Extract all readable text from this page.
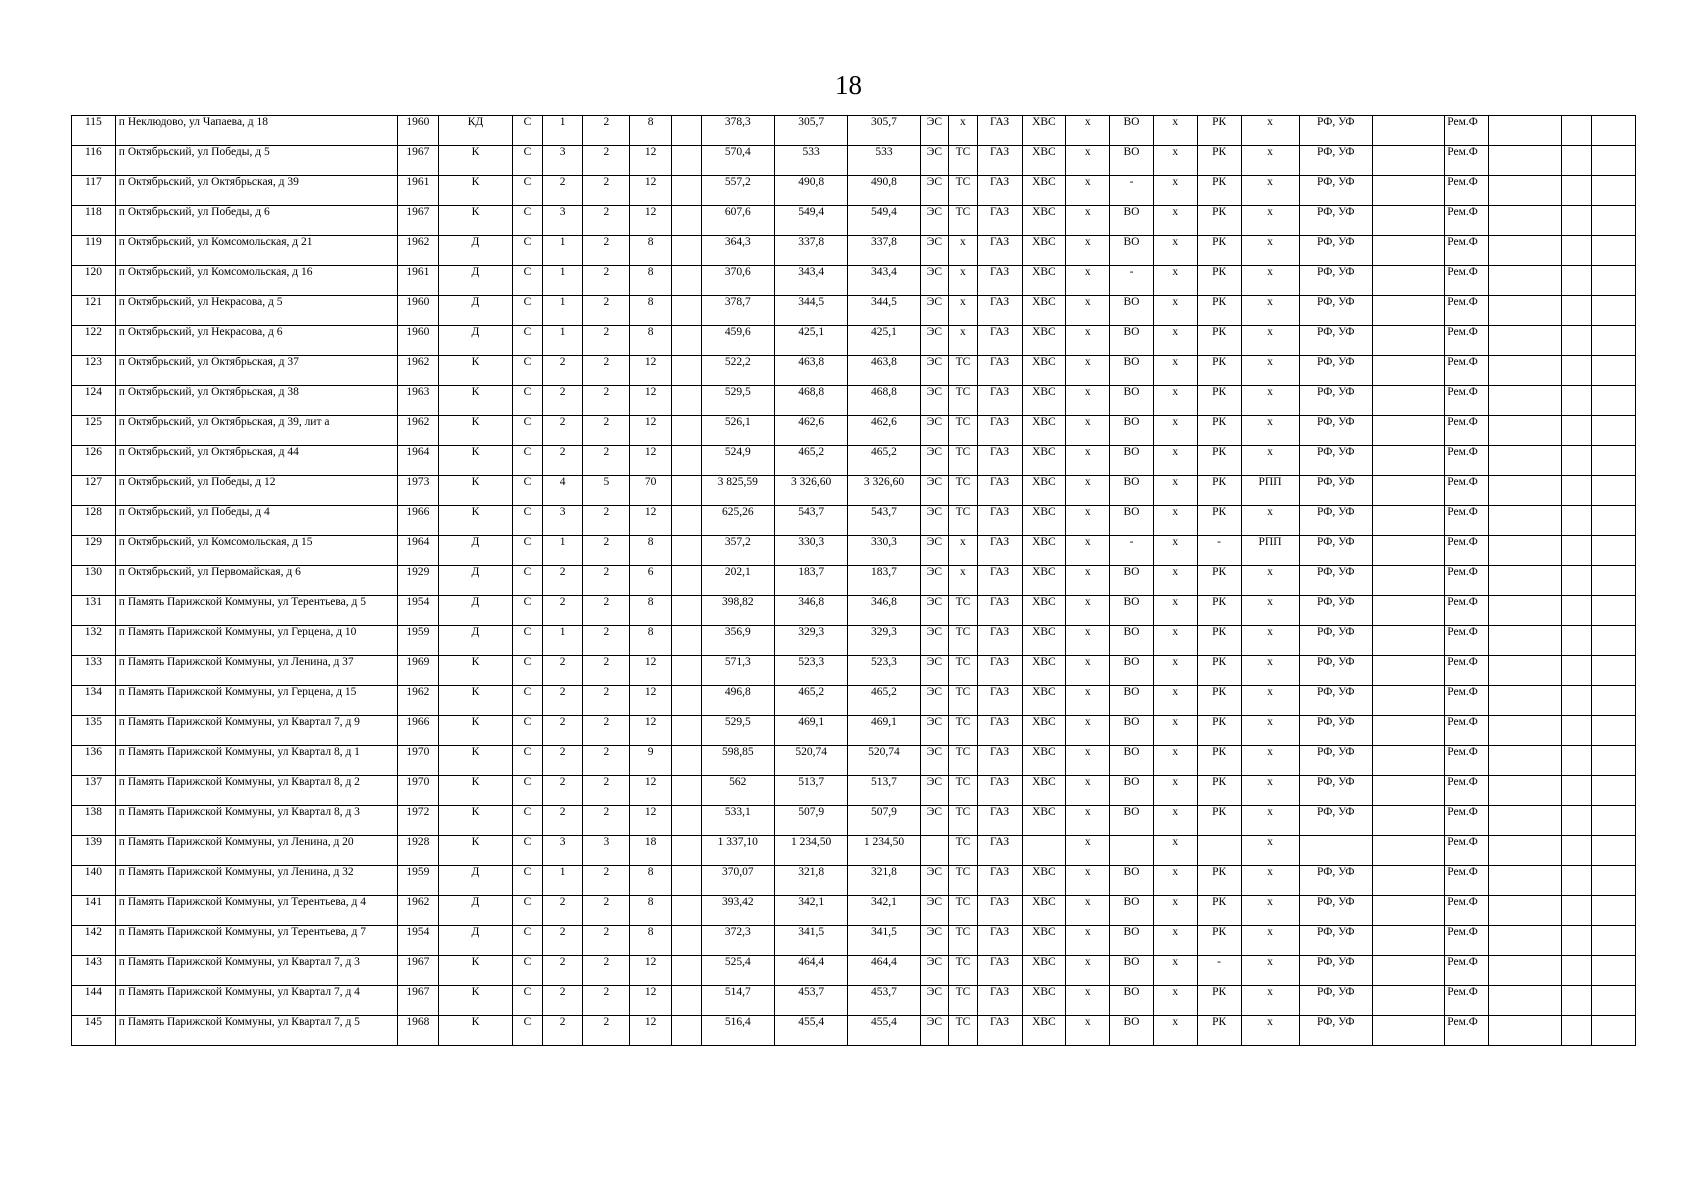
18
115	п Неклюдово, ул Чапаева, д 18	1960	КД	С	1	2	8		378,3	305,7	305,7	ЭС	х	ГАЗ	ХВС	х	ВО	х	РК	х	РФ, УФ		Рем.Ф			
116	п Октябрьский, ул Победы, д 5	1967	К	С	3	2	12		570,4	533	533	ЭС	ТС	ГАЗ	ХВС	х	ВО	х	РК	х	РФ, УФ		Рем.Ф			
117	п Октябрьский, ул Октябрьская, д 39	1961	К	С	2	2	12		557,2	490,8	490,8	ЭС	ТС	ГАЗ	ХВС	х	-	х	РК	х	РФ, УФ		Рем.Ф			
118	п Октябрьский, ул Победы, д 6	1967	К	С	3	2	12		607,6	549,4	549,4	ЭС	ТС	ГАЗ	ХВС	х	ВО	х	РК	х	РФ, УФ		Рем.Ф			
119	п Октябрьский, ул Комсомольская, д 21	1962	Д	С	1	2	8		364,3	337,8	337,8	ЭС	х	ГАЗ	ХВС	х	ВО	х	РК	х	РФ, УФ		Рем.Ф			
120	п Октябрьский, ул Комсомольская, д 16	1961	Д	С	1	2	8		370,6	343,4	343,4	ЭС	х	ГАЗ	ХВС	х	-	х	РК	х	РФ, УФ		Рем.Ф			
121	п Октябрьский, ул Некрасова, д 5	1960	Д	С	1	2	8		378,7	344,5	344,5	ЭС	х	ГАЗ	ХВС	х	ВО	х	РК	х	РФ, УФ		Рем.Ф			
122	п Октябрьский, ул Некрасова, д 6	1960	Д	С	1	2	8		459,6	425,1	425,1	ЭС	х	ГАЗ	ХВС	х	ВО	х	РК	х	РФ, УФ		Рем.Ф			
123	п Октябрьский, ул Октябрьская, д 37	1962	К	С	2	2	12		522,2	463,8	463,8	ЭС	ТС	ГАЗ	ХВС	х	ВО	х	РК	х	РФ, УФ		Рем.Ф			
124	п Октябрьский, ул Октябрьская, д 38	1963	К	С	2	2	12		529,5	468,8	468,8	ЭС	ТС	ГАЗ	ХВС	х	ВО	х	РК	х	РФ, УФ		Рем.Ф			
125	п Октябрьский, ул Октябрьская, д 39, лит а	1962	К	С	2	2	12		526,1	462,6	462,6	ЭС	ТС	ГАЗ	ХВС	х	ВО	х	РК	х	РФ, УФ		Рем.Ф			
126	п Октябрьский, ул Октябрьская, д 44	1964	К	С	2	2	12		524,9	465,2	465,2	ЭС	ТС	ГАЗ	ХВС	х	ВО	х	РК	х	РФ, УФ		Рем.Ф			
127	п Октябрьский, ул Победы, д 12	1973	К	С	4	5	70		3 825,59	3 326,60	3 326,60	ЭС	ТС	ГАЗ	ХВС	х	ВО	х	РК	РПП	РФ, УФ		Рем.Ф			
128	п Октябрьский, ул Победы, д 4	1966	К	С	3	2	12		625,26	543,7	543,7	ЭС	ТС	ГАЗ	ХВС	х	ВО	х	РК	х	РФ, УФ		Рем.Ф			
129	п Октябрьский, ул Комсомольская, д 15	1964	Д	С	1	2	8		357,2	330,3	330,3	ЭС	х	ГАЗ	ХВС	х	-	х	-	РПП	РФ, УФ		Рем.Ф			
130	п Октябрьский, ул Первомайская, д 6	1929	Д	С	2	2	6		202,1	183,7	183,7	ЭС	х	ГАЗ	ХВС	х	ВО	х	РК	х	РФ, УФ		Рем.Ф			
131	п Память Парижской Коммуны, ул Терентьева, д 5	1954	Д	С	2	2	8		398,82	346,8	346,8	ЭС	ТС	ГАЗ	ХВС	х	ВО	х	РК	х	РФ, УФ		Рем.Ф			
132	п Память Парижской Коммуны, ул Герцена, д 10	1959	Д	С	1	2	8		356,9	329,3	329,3	ЭС	ТС	ГАЗ	ХВС	х	ВО	х	РК	х	РФ, УФ		Рем.Ф			
133	п Память Парижской Коммуны, ул Ленина, д 37	1969	К	С	2	2	12		571,3	523,3	523,3	ЭС	ТС	ГАЗ	ХВС	х	ВО	х	РК	х	РФ, УФ		Рем.Ф			
134	п Память Парижской Коммуны, ул Герцена, д 15	1962	К	С	2	2	12		496,8	465,2	465,2	ЭС	ТС	ГАЗ	ХВС	х	ВО	х	РК	х	РФ, УФ		Рем.Ф			
135	п Память Парижской Коммуны, ул Квартал 7, д 9	1966	К	С	2	2	12		529,5	469,1	469,1	ЭС	ТС	ГАЗ	ХВС	х	ВО	х	РК	х	РФ, УФ		Рем.Ф			
136	п Память Парижской Коммуны, ул Квартал 8, д 1	1970	К	С	2	2	9		598,85	520,74	520,74	ЭС	ТС	ГАЗ	ХВС	х	ВО	х	РК	х	РФ, УФ		Рем.Ф			
137	п Память Парижской Коммуны, ул Квартал 8, д 2	1970	К	С	2	2	12		562	513,7	513,7	ЭС	ТС	ГАЗ	ХВС	х	ВО	х	РК	х	РФ, УФ		Рем.Ф			
138	п Память Парижской Коммуны, ул Квартал 8, д 3	1972	К	С	2	2	12		533,1	507,9	507,9	ЭС	ТС	ГАЗ	ХВС	х	ВО	х	РК	х	РФ, УФ		Рем.Ф			
139	п Память Парижской Коммуны, ул Ленина, д 20	1928	К	С	3	3	18		1 337,10	1 234,50	1 234,50		ТС	ГАЗ		х		х		х			Рем.Ф			
140	п Память Парижской Коммуны, ул Ленина, д 32	1959	Д	С	1	2	8		370,07	321,8	321,8	ЭС	ТС	ГАЗ	ХВС	х	ВО	х	РК	х	РФ, УФ		Рем.Ф			
141	п Память Парижской Коммуны, ул Терентьева, д 4	1962	Д	С	2	2	8		393,42	342,1	342,1	ЭС	ТС	ГАЗ	ХВС	х	ВО	х	РК	х	РФ, УФ		Рем.Ф			
142	п Память Парижской Коммуны, ул Терентьева, д 7	1954	Д	С	2	2	8		372,3	341,5	341,5	ЭС	ТС	ГАЗ	ХВС	х	ВО	х	РК	х	РФ, УФ		Рем.Ф			
143	п Память Парижской Коммуны, ул Квартал 7, д 3	1967	К	С	2	2	12		525,4	464,4	464,4	ЭС	ТС	ГАЗ	ХВС	х	ВО	х	-	х	РФ, УФ		Рем.Ф			
144	п Память Парижской Коммуны, ул Квартал 7, д 4	1967	К	С	2	2	12		514,7	453,7	453,7	ЭС	ТС	ГАЗ	ХВС	х	ВО	х	РК	х	РФ, УФ		Рем.Ф			
145	п Память Парижской Коммуны, ул Квартал 7, д 5	1968	К	С	2	2	12		516,4	455,4	455,4	ЭС	ТС	ГАЗ	ХВС	х	ВО	х	РК	х	РФ, УФ		Рем.Ф			
